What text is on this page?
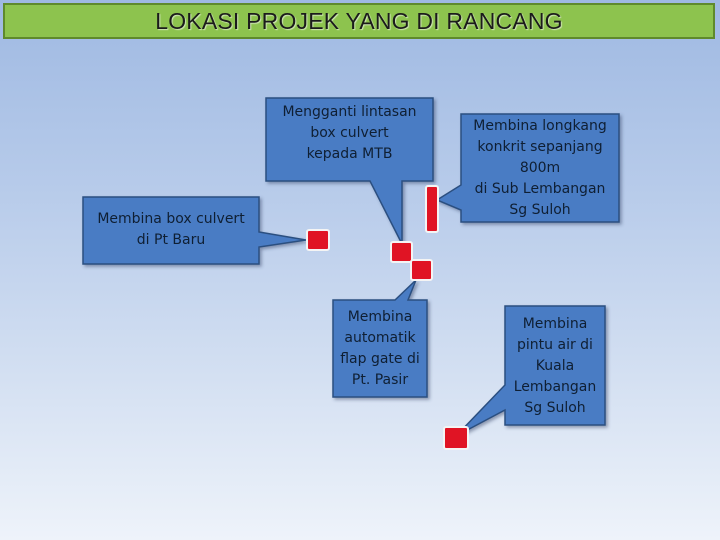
LOKASI PROJEK YANG DI RANCANG
Mengganti lintasan
box culvert
kepada MTB
Membina box culvert
di Pt Baru
Membina longkang
konkrit sepanjang
800m
di Sub Lembangan
Sg Suloh
Membina
automatik
flap gate di
Pt. Pasir
Membina
pintu air di
Kuala
Lembangan
Sg Suloh
